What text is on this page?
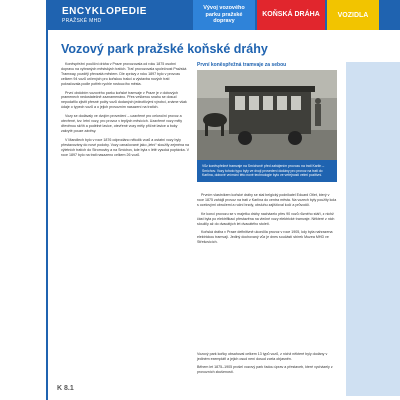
ENCYKLOPEDIE
PRAŽSKÉ MHD
Vývoj vozového parku pražské dopravy
KOŇSKÁ DRÁHA	VOZIDLA
Vozový park pražské koňské dráhy

Koněspřežní pouliční dráha v Praze provozovala od roku 1875 osobní dopravu na vybraných městských tratích. Trať provozovala společnost Pražská Tramway, později převzatá městem. Dle zprávy z roku 1897 bylo v provozu celkem 94 vozů určených pro koňskou trakci a výstavba nových tratí pokračovala podle potřeb rychle rostoucího města.

První obdobím vozového parku koňské tramvaje v Praze je v dobových pramenech nedostatečně zaznamenáno. Přes veškerou snahu se dosud nepodařilo zjistit přesné počty vozů dodaných jednotlivými výrobci, známe však údaje o typech vozů a o jejich provozním nasazení na tratích.

Vozy se dodávaly ve dvojím provedení – uzavřené pro celoroční provoz a otevřené, tzv. letní vozy, pro provoz v teplých měsících. Uzavřené vozy měly dřevěnou skříň a podélné lavice, otevřené vozy měly příčné lavice a boky zakryté pouze závěsy.

V Mandlech bylo v roce 1876 odprodáno několik vozů a ostatní vozy byly přestavovány do nové podoby. Vozy označované jako „letní“ sloužily zejména na výletních tratích do Stromovky a na Smíchov, kde byla v létě vysoká poptávka. V roce 1897 bylo na trati nasazeno celkem 26 vozů.

První koněspřežná tramvaje za sebou
Vůz koněspřežné tramvaje na Smíchově před zahájením provozu na trati Karlín – Smíchov. Vozy tohoto typu byly ve dvojí provedení dodány pro provoz na trati do Karlína, dobové vnímání této nové technologie bylo ve veřejnosti velmi pozitivní.

Prvním vlastníkem koňské dráhy se stal belgický podnikatel Eduard Otlet, který v roce 1875 zahájil provoz na trati z Karlína do centra města. Na vozech byly použity kola s ocelovými obručemi a ruční brzdy, obsluhu zajišťoval kočí a průvodčí.

Ke konci provozu se v majetku dráhy nacházelo přes 90 vozů různého stáří, z nichž část byla po elektrifikaci přestavěna na vlečné vozy elektrické tramvaje. Některé z nich sloužily až do dvacátých let dvacátého století.

Koňská dráha v Praze definitivně ukončila provoz v roce 1905, kdy byla nahrazena elektrickou tramvají. Jediný dochovaný vůz je dnes součástí sbírek Muzea MHD ve Střešovicích.

Vozový park koňky obsahoval celkem 13 typů vozů, z nichž některé byly dodány v jediném exempláři a jejich osud není dosud zcela objasněn.

Během let 1875–1905 prošel vozový park řadou úprav a přestaveb, které vycházely z provozních zkušeností.

K 8.1
